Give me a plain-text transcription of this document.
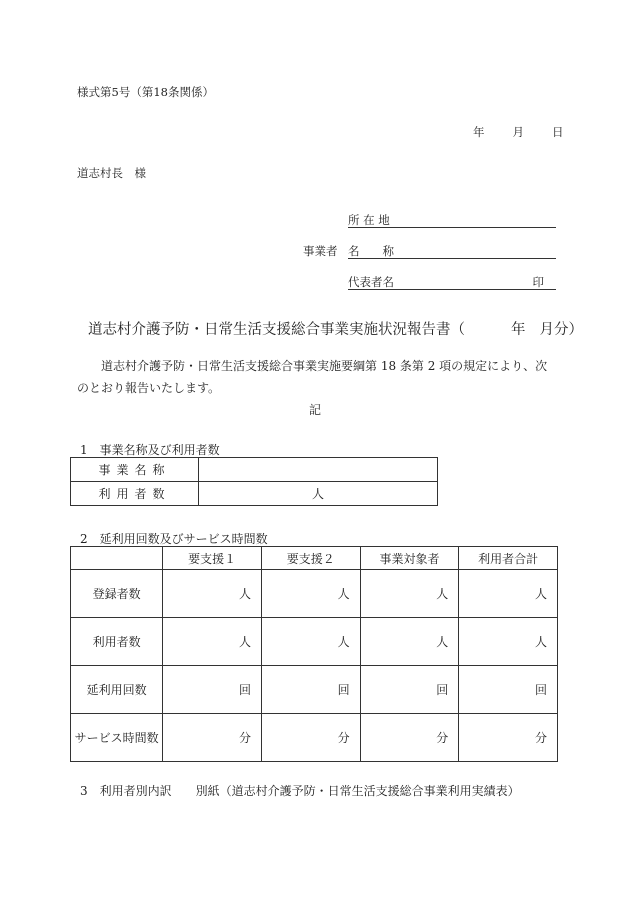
様式第5号（第18条関係）
年 月 日
道志村長　様
所 在 地
事業者 名　　称
代表者名	印
道志村介護予防・日常生活支援総合事業実施状況報告書（	年 月分）
道志村介護予防・日常生活支援総合事業実施要綱第 18 条第 2 項の規定により、次のとおり報告いたします。
記
1　事業名称及び利用者数
事業名称	
利用者数	人
2　延利用回数及びサービス時間数
	要支援１	要支援２	事業対象者	利用者合計
登録者数	人	人	人	人
利用者数	人	人	人	人
延利用回数	回	回	回	回
サービス時間数	分	分	分	分
3　利用者別内訳　　別紙（道志村介護予防・日常生活支援総合事業利用実績表）
